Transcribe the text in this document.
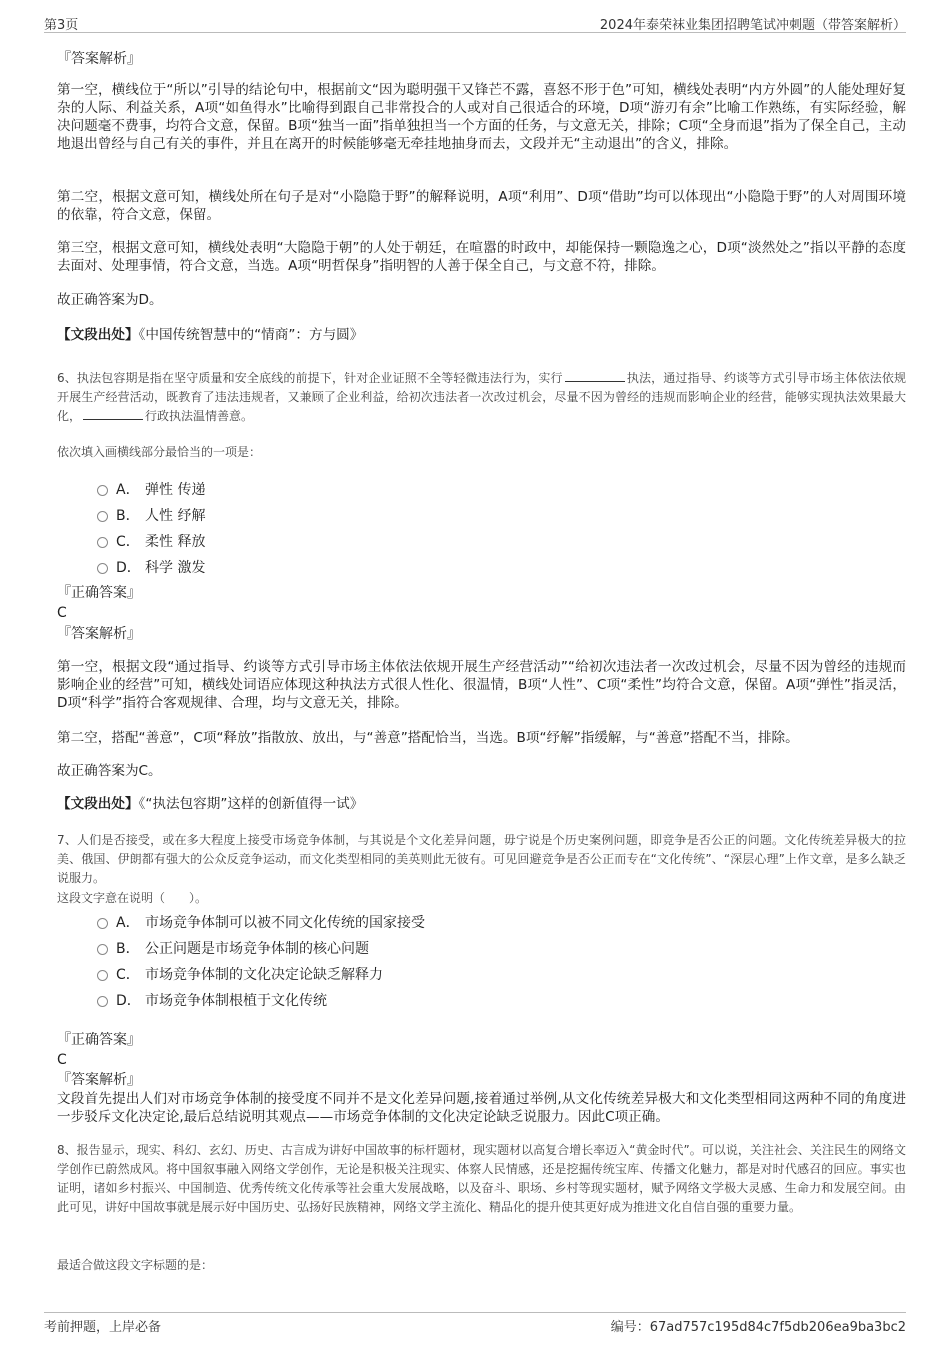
第3页	2024年泰荣袜业集团招聘笔试冲刺题（带答案解析）
『答案解析』

第一空，横线位于“所以”引导的结论句中，根据前文“因为聪明强干又锋芒不露，喜怒不形于色”可知，横线处表明“内方外圆”的人能处理好复杂的人际、利益关系，A项“如鱼得水”比喻得到跟自己非常投合的人或对自己很适合的环境，D项“游刃有余”比喻工作熟练，有实际经验，解决问题毫不费事，均符合文意，保留。B项“独当一面”指单独担当一个方面的任务，与文意无关，排除；C项“全身而退”指为了保全自己，主动地退出曾经与自己有关的事件，并且在离开的时候能够毫无牵挂地抽身而去，文段并无“主动退出”的含义，排除。

第二空，根据文意可知，横线处所在句子是对“小隐隐于野”的解释说明，A项“利用”、D项“借助”均可以体现出“小隐隐于野”的人对周围环境的依靠，符合文意，保留。

第三空，根据文意可知，横线处表明“大隐隐于朝”的人处于朝廷，在喧嚣的时政中，却能保持一颗隐逸之心，D项“淡然处之”指以平静的态度去面对、处理事情，符合文意，当选。A项“明哲保身”指明智的人善于保全自己，与文意不符，排除。

故正确答案为D。

【文段出处】《中国传统智慧中的“情商”：方与圆》

6、执法包容期是指在坚守质量和安全底线的前提下，针对企业证照不全等轻微违法行为，实行	执法，通过指导、约谈等方式引导市场主体依法依规开展生产经营活动，既教育了违法违规者，又兼顾了企业利益，给初次违法者一次改过机会，尽量不因为曾经的违规而影响企业的经营，能够实现执法效果最大化，	行政执法温情善意。

依次填入画横线部分最恰当的一项是：

A． 弹性 传递
B． 人性 纾解
C． 柔性 释放
D． 科学 激发
『正确答案』
C
『答案解析』

第一空，根据文段“通过指导、约谈等方式引导市场主体依法依规开展生产经营活动”“给初次违法者一次改过机会，尽量不因为曾经的违规而影响企业的经营”可知，横线处词语应体现这种执法方式很人性化、很温情，B项“人性”、C项“柔性”均符合文意，保留。A项“弹性”指灵活，D项“科学”指符合客观规律、合理，均与文意无关，排除。

第二空，搭配“善意”，C项“释放”指散放、放出，与“善意”搭配恰当，当选。B项“纾解”指缓解，与“善意”搭配不当，排除。

故正确答案为C。

【文段出处】《“执法包容期”这样的创新值得一试》

7、人们是否接受，或在多大程度上接受市场竞争体制，与其说是个文化差异问题，毋宁说是个历史案例问题，即竞争是否公正的问题。文化传统差异极大的拉美、俄国、伊朗都有强大的公众反竞争运动，而文化类型相同的美英则此无彼有。可见回避竞争是否公正而专在“文化传统”、“深层心理”上作文章，是多么缺乏说服力。

这段文字意在说明（　　）。

A． 市场竞争体制可以被不同文化传统的国家接受
B． 公正问题是市场竞争体制的核心问题
C． 市场竞争体制的文化决定论缺乏解释力
D． 市场竞争体制根植于文化传统
『正确答案』
C
『答案解析』

文段首先提出人们对市场竞争体制的接受度不同并不是文化差异问题,接着通过举例,从文化传统差异极大和文化类型相同这两种不同的角度进一步驳斥文化决定论,最后总结说明其观点——市场竞争体制的文化决定论缺乏说服力。因此C项正确。

8、报告显示，现实、科幻、玄幻、历史、古言成为讲好中国故事的标杆题材，现实题材以高复合增长率迈入“黄金时代”。可以说，关注社会、关注民生的网络文学创作已蔚然成风。将中国叙事融入网络文学创作，无论是积极关注现实、体察人民情感，还是挖掘传统宝库、传播文化魅力，都是对时代感召的回应。事实也证明，诸如乡村振兴、中国制造、优秀传统文化传承等社会重大发展战略，以及奋斗、职场、乡村等现实题材，赋予网络文学极大灵感、生命力和发展空间。由此可见，讲好中国故事就是展示好中国历史、弘扬好民族精神，网络文学主流化、精品化的提升使其更好成为推进文化自信自强的重要力量。

最适合做这段文字标题的是：

考前押题，上岸必备	编号：67ad757c195d84c7f5db206ea9ba3bc2
